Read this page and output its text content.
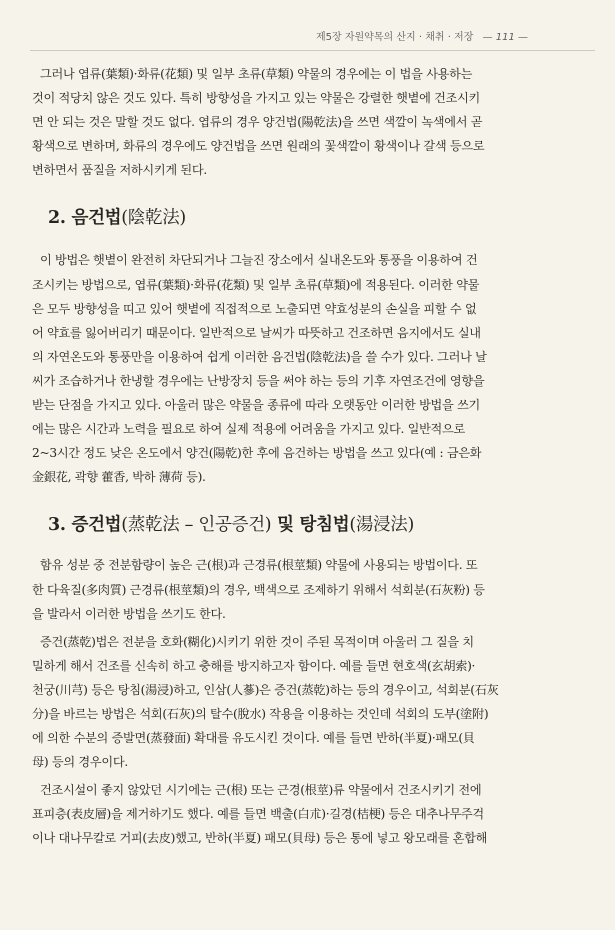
제5장 자원약목의 산지 · 채취 · 저장 — 111 —
그러나 엽류(葉類)·화류(花類) 및 일부 초류(草類) 약물의 경우에는 이 법을 사용하는
것이 적당치 않은 것도 있다. 특히 방향성을 가지고 있는 약물은 강렬한 햇볕에 건조시키
면 안 되는 것은 말할 것도 없다. 엽류의 경우 양건법(陽乾法)을 쓰면 색깔이 녹색에서 곧
황색으로 변하며, 화류의 경우에도 양건법을 쓰면 원래의 꽃색깔이 황색이나 갈색 등으로
변하면서 품질을 저하시키게 된다.
2. 음건법(陰乾法)
이 방법은 햇볕이 완전히 차단되거나 그늘진 장소에서 실내온도와 통풍을 이용하여 건
조시키는 방법으로, 엽류(葉類)·화류(花類) 및 일부 초류(草類)에 적용된다. 이러한 약물
은 모두 방향성을 띠고 있어 햇볕에 직접적으로 노출되면 약효성분의 손실을 피할 수 없
어 약효를 잃어버리기 때문이다. 일반적으로 날씨가 따뜻하고 건조하면 음지에서도 실내
의 자연온도와 통풍만을 이용하여 쉽게 이러한 음건법(陰乾法)을 쓸 수가 있다. 그러나 날
씨가 조습하거나 한냉할 경우에는 난방장치 등을 써야 하는 등의 기후 자연조건에 영향을
받는 단점을 가지고 있다. 아울러 많은 약물을 종류에 따라 오랫동안 이러한 방법을 쓰기
에는 많은 시간과 노력을 필요로 하여 실제 적용에 어려움을 가지고 있다. 일반적으로
2~3시간 정도 낮은 온도에서 양건(陽乾)한 후에 음건하는 방법을 쓰고 있다(예 : 금은화
金銀花, 곽향 藿香, 박하 薄荷 등).
3. 증건법(蒸乾法 – 인공증건) 및 탕침법(湯浸法)
함유 성분 중 전분함량이 높은 근(根)과 근경류(根莖類) 약물에 사용되는 방법이다. 또
한 다육질(多肉質) 근경류(根莖類)의 경우, 백색으로 조제하기 위해서 석회분(石灰粉) 등
을 발라서 이러한 방법을 쓰기도 한다.
증건(蒸乾)법은 전분을 호화(糊化)시키기 위한 것이 주된 목적이며 아울러 그 질을 치
밀하게 해서 건조를 신속히 하고 충해를 방지하고자 함이다. 예를 들면 현호색(玄胡索)·
천궁(川芎) 등은 탕침(湯浸)하고, 인삼(人蔘)은 증건(蒸乾)하는 등의 경우이고, 석회분(石灰
分)을 바르는 방법은 석회(石灰)의 탈수(脫水) 작용을 이용하는 것인데 석회의 도부(塗附)
에 의한 수분의 증발면(蒸發面) 확대를 유도시킨 것이다. 예를 들면 반하(半夏)·패모(貝
母) 등의 경우이다.
건조시설이 좋지 않았던 시기에는 근(根) 또는 근경(根莖)류 약물에서 건조시키기 전에
표피층(表皮層)을 제거하기도 했다. 예를 들면 백출(白朮)·길경(桔梗) 등은 대추나무주걱
이나 대나무칼로 거피(去皮)했고, 반하(半夏) 패모(貝母) 등은 통에 넣고 왕모래를 혼합해
